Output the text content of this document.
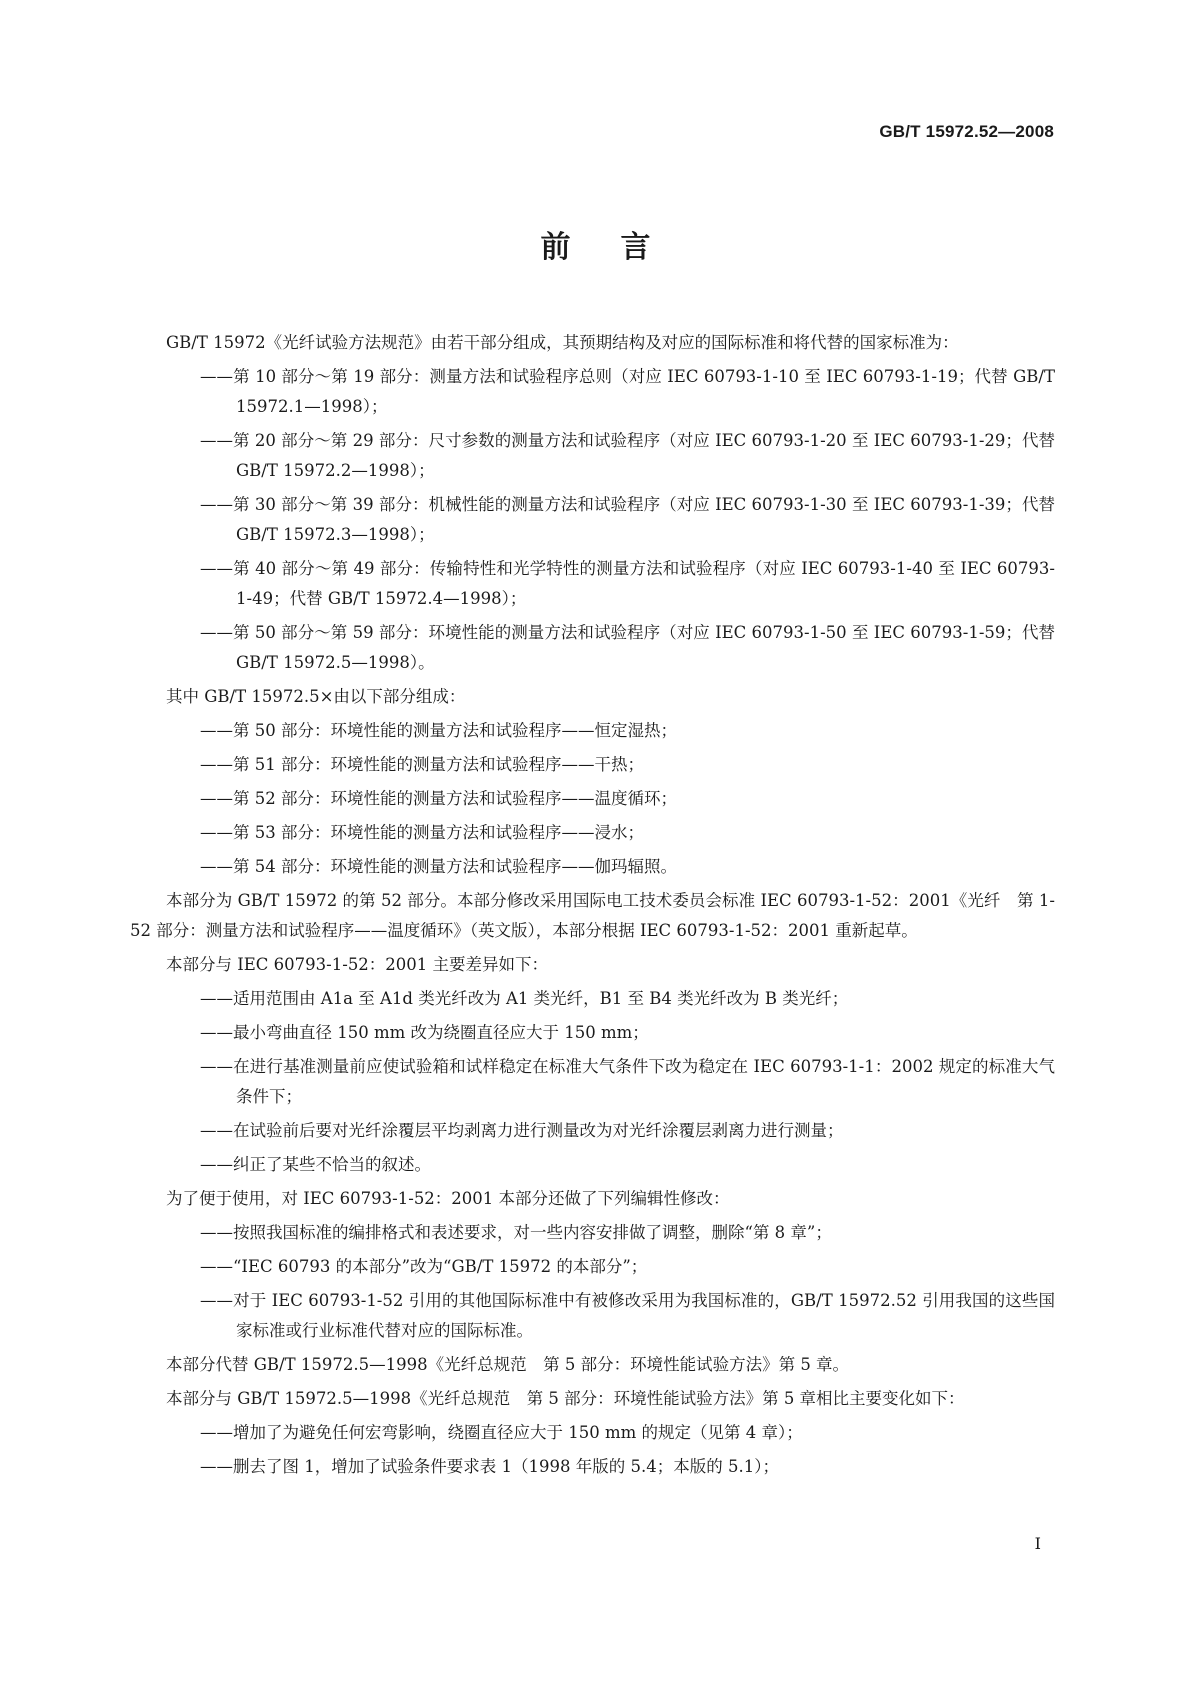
GB/T 15972.52—2008
前 言
GB/T 15972《光纤试验方法规范》由若干部分组成，其预期结构及对应的国际标准和将代替的国家标准为：
——第 10 部分～第 19 部分：测量方法和试验程序总则（对应 IEC 60793-1-10 至 IEC 60793-1-19；代替 GB/T 15972.1—1998）；
——第 20 部分～第 29 部分：尺寸参数的测量方法和试验程序（对应 IEC 60793-1-20 至 IEC 60793-1-29；代替 GB/T 15972.2—1998）；
——第 30 部分～第 39 部分：机械性能的测量方法和试验程序（对应 IEC 60793-1-30 至 IEC 60793-1-39；代替 GB/T 15972.3—1998）；
——第 40 部分～第 49 部分：传输特性和光学特性的测量方法和试验程序（对应 IEC 60793-1-40 至 IEC 60793-1-49；代替 GB/T 15972.4—1998）；
——第 50 部分～第 59 部分：环境性能的测量方法和试验程序（对应 IEC 60793-1-50 至 IEC 60793-1-59；代替 GB/T 15972.5—1998）。
其中 GB/T 15972.5×由以下部分组成：
——第 50 部分：环境性能的测量方法和试验程序——恒定湿热；
——第 51 部分：环境性能的测量方法和试验程序——干热；
——第 52 部分：环境性能的测量方法和试验程序——温度循环；
——第 53 部分：环境性能的测量方法和试验程序——浸水；
——第 54 部分：环境性能的测量方法和试验程序——伽玛辐照。
本部分为 GB/T 15972 的第 52 部分。本部分修改采用国际电工技术委员会标准 IEC 60793-1-52：2001《光纤　第 1-52 部分：测量方法和试验程序——温度循环》（英文版），本部分根据 IEC 60793-1-52：2001 重新起草。
本部分与 IEC 60793-1-52：2001 主要差异如下：
——适用范围由 A1a 至 A1d 类光纤改为 A1 类光纤，B1 至 B4 类光纤改为 B 类光纤；
——最小弯曲直径 150 mm 改为绕圈直径应大于 150 mm；
——在进行基准测量前应使试验箱和试样稳定在标准大气条件下改为稳定在 IEC 60793-1-1：2002 规定的标准大气条件下；
——在试验前后要对光纤涂覆层平均剥离力进行测量改为对光纤涂覆层剥离力进行测量；
——纠正了某些不恰当的叙述。
为了便于使用，对 IEC 60793-1-52：2001 本部分还做了下列编辑性修改：
——按照我国标准的编排格式和表述要求，对一些内容安排做了调整，删除“第 8 章”；
——“IEC 60793 的本部分”改为“GB/T 15972 的本部分”；
——对于 IEC 60793-1-52 引用的其他国际标准中有被修改采用为我国标准的，GB/T 15972.52 引用我国的这些国家标准或行业标准代替对应的国际标准。
本部分代替 GB/T 15972.5—1998《光纤总规范　第 5 部分：环境性能试验方法》第 5 章。
本部分与 GB/T 15972.5—1998《光纤总规范　第 5 部分：环境性能试验方法》第 5 章相比主要变化如下：
——增加了为避免任何宏弯影响，绕圈直径应大于 150 mm 的规定（见第 4 章）；
——删去了图 1，增加了试验条件要求表 1（1998 年版的 5.4；本版的 5.1）；
I
